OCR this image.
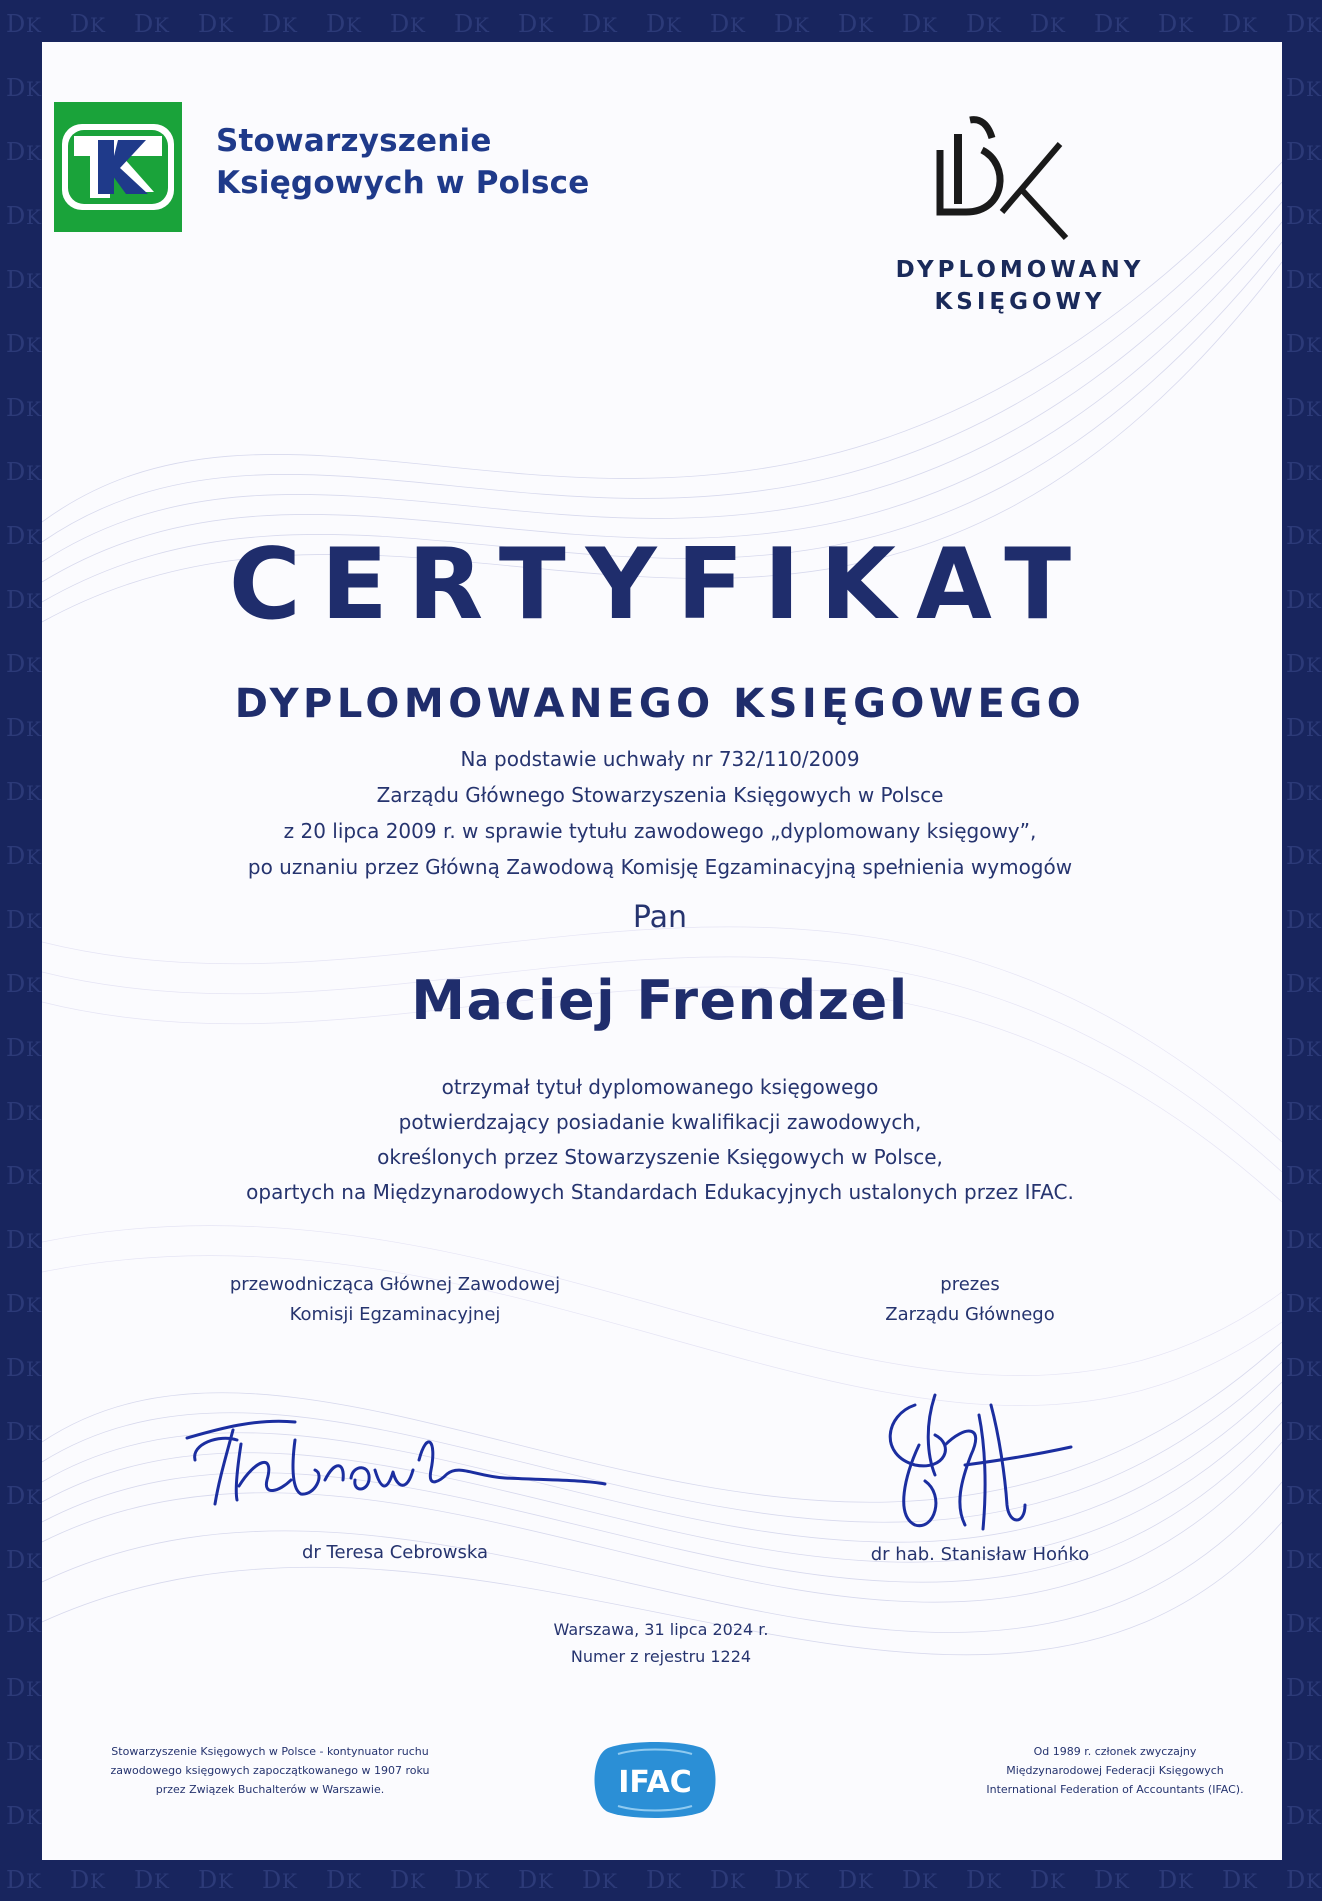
Stowarzyszenie
Księgowych w Polsce
DYPLOMOWANY
KSIĘGOWY
CERTYFIKAT
DYPLOMOWANEGO KSIĘGOWEGO
Na podstawie uchwały nr 732/110/2009
Zarządu Głównego Stowarzyszenia Księgowych w Polsce
z 20 lipca 2009 r. w sprawie tytułu zawodowego „dyplomowany księgowy”,
po uznaniu przez Główną Zawodową Komisję Egzaminacyjną spełnienia wymogów
Pan
Maciej Frendzel
otrzymał tytuł dyplomowanego księgowego
potwierdzający posiadanie kwalifikacji zawodowych,
określonych przez Stowarzyszenie Księgowych w Polsce,
opartych na Międzynarodowych Standardach Edukacyjnych ustalonych przez IFAC.
przewodnicząca Głównej Zawodowej
Komisji Egzaminacyjnej
prezes
Zarządu Głównego
dr Teresa Cebrowska	dr hab. Stanisław Hońko
Warszawa, 31 lipca 2024 r.
Numer z rejestru 1224
Stowarzyszenie Księgowych w Polsce - kontynuator ruchu
zawodowego księgowych zapoczątkowanego w 1907 roku
przez Związek Buchalterów w Warszawie.	IFAC
Od 1989 r. członek zwyczajny
Międzynarodowej Federacji Księgowych
International Federation of Accountants (IFAC).
